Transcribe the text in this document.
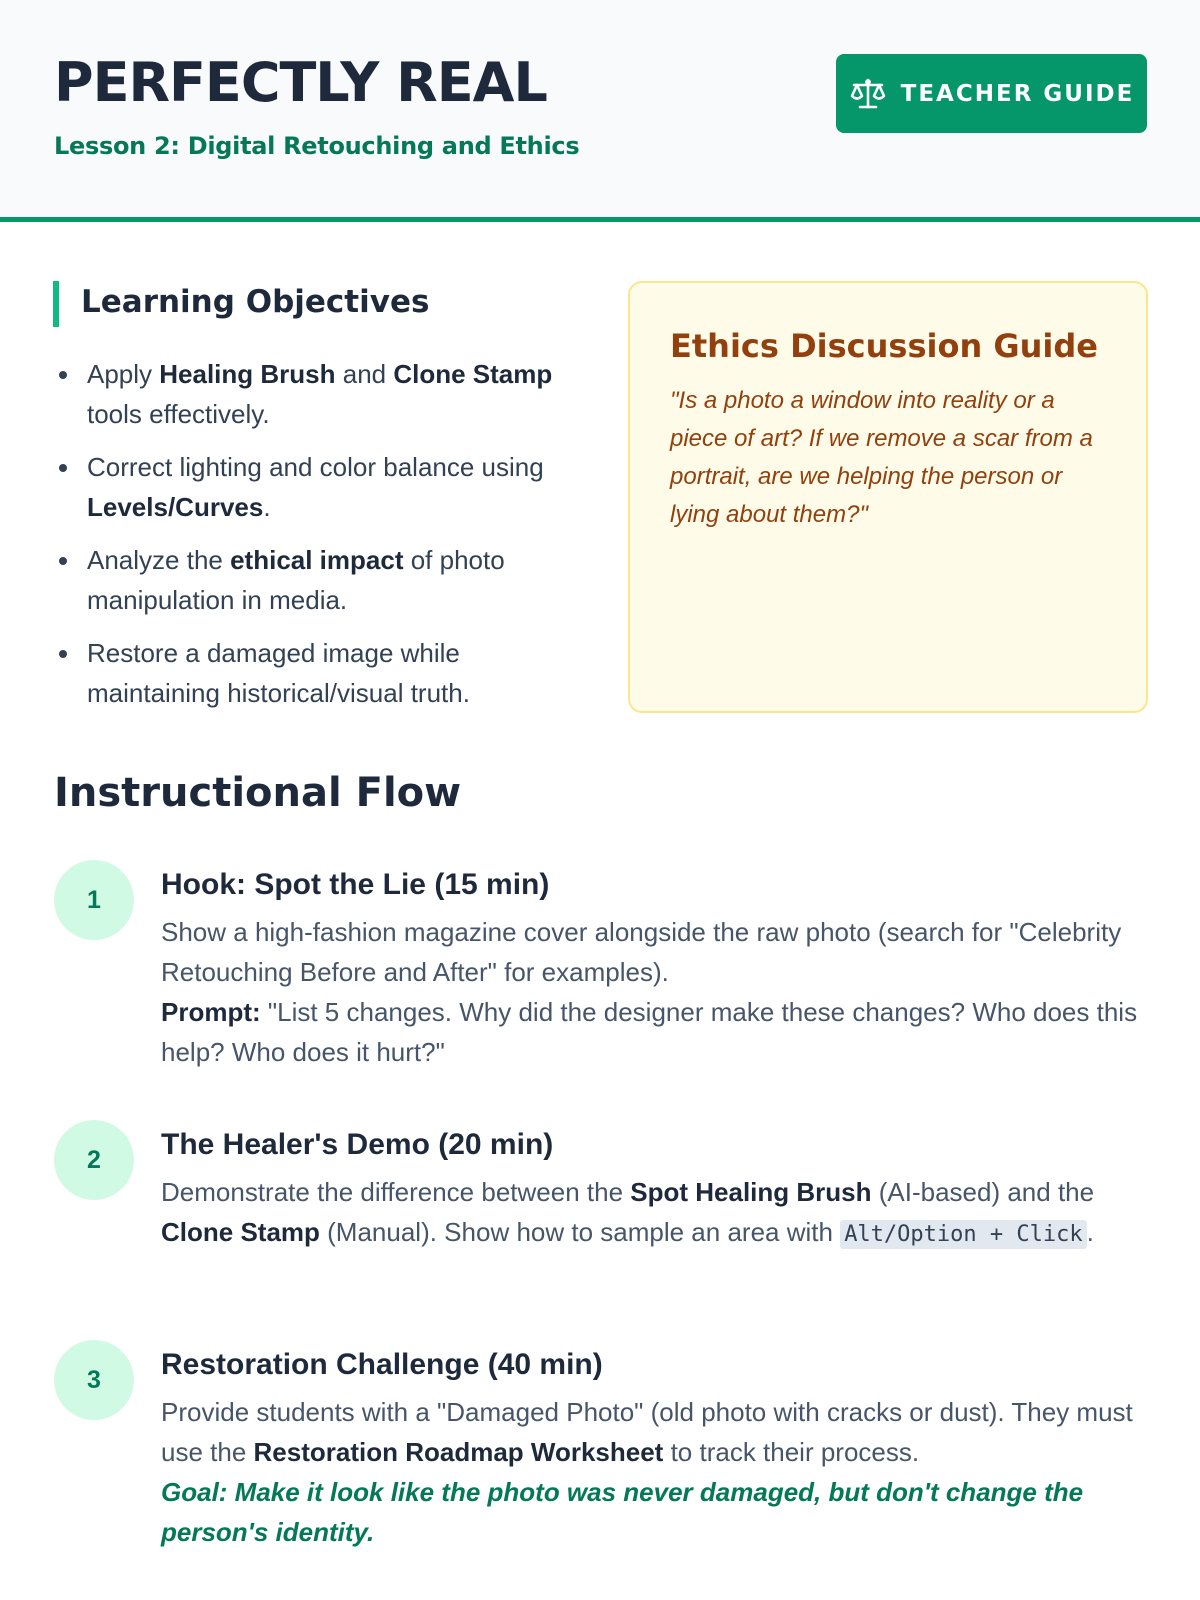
PERFECTLY REAL
Lesson 2: Digital Retouching and Ethics
TEACHER GUIDE
Learning Objectives
Apply Healing Brush and Clone Stamp tools effectively.
Correct lighting and color balance using Levels/Curves.
Analyze the ethical impact of photo manipulation in media.
Restore a damaged image while maintaining historical/visual truth.
Ethics Discussion Guide
"Is a photo a window into reality or a piece of art? If we remove a scar from a portrait, are we helping the person or lying about them?"
Instructional Flow
1	Hook: Spot the Lie (15 min)
Show a high-fashion magazine cover alongside the raw photo (search for "Celebrity Retouching Before and After" for examples).
Prompt: "List 5 changes. Why did the designer make these changes? Who does this help? Who does it hurt?"
2	The Healer's Demo (20 min)
Demonstrate the difference between the Spot Healing Brush (AI-based) and the Clone Stamp (Manual). Show how to sample an area with Alt/Option + Click .
3	Restoration Challenge (40 min)
Provide students with a "Damaged Photo" (old photo with cracks or dust). They must use the Restoration Roadmap Worksheet to track their process.
Goal: Make it look like the photo was never damaged, but don't change the person's identity.
